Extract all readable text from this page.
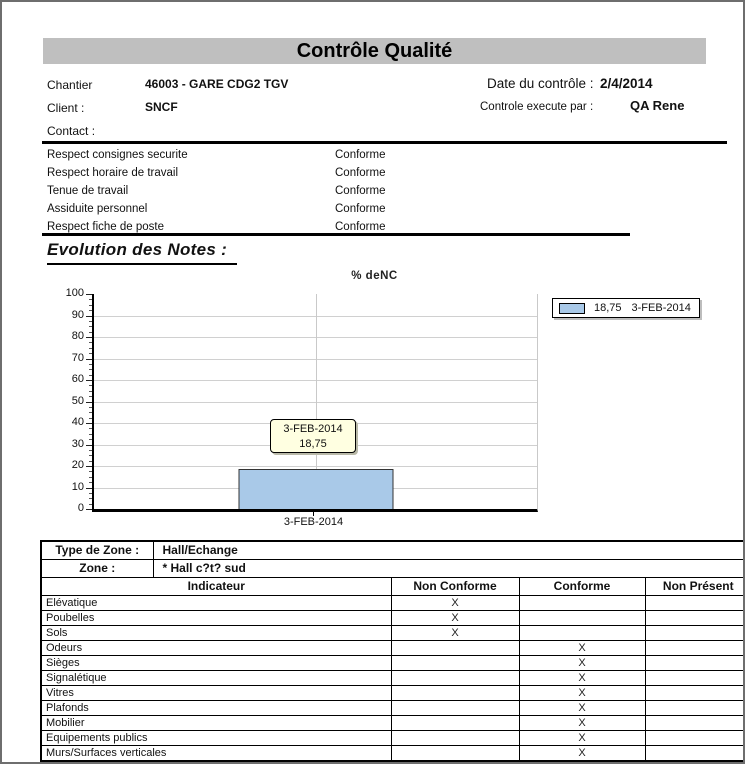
Contrôle Qualité
Chantier	46003 - GARE CDG2 TGV	Date du contrôle : 2/4/2014
Client :	SNCF	Controle execute par :	QA Rene
Contact :
Respect consignes securite	Conforme
Respect horaire de travail	Conforme
Tenue de travail	Conforme
Assiduite personnel	Conforme
Respect fiche de poste	Conforme
Evolution des Notes :
% deNC
3-FEB-2014
18,75
3-FEB-2014
18,75 3-FEB-2014
0
10
20
30
40
50
60
70
80
90
100
Type de Zone :	Hall/Echange			
Zone :	* Hall c?t? sud			
Indicateur		Non Conforme	Conforme	Non Présent
Elévatique		X		
Poubelles		X		
Sols		X		
Odeurs			X	
Sièges			X	
Signalétique			X	
Vitres			X	
Plafonds			X	
Mobilier			X	
Equipements publics			X	
Murs/Surfaces verticales			X	
